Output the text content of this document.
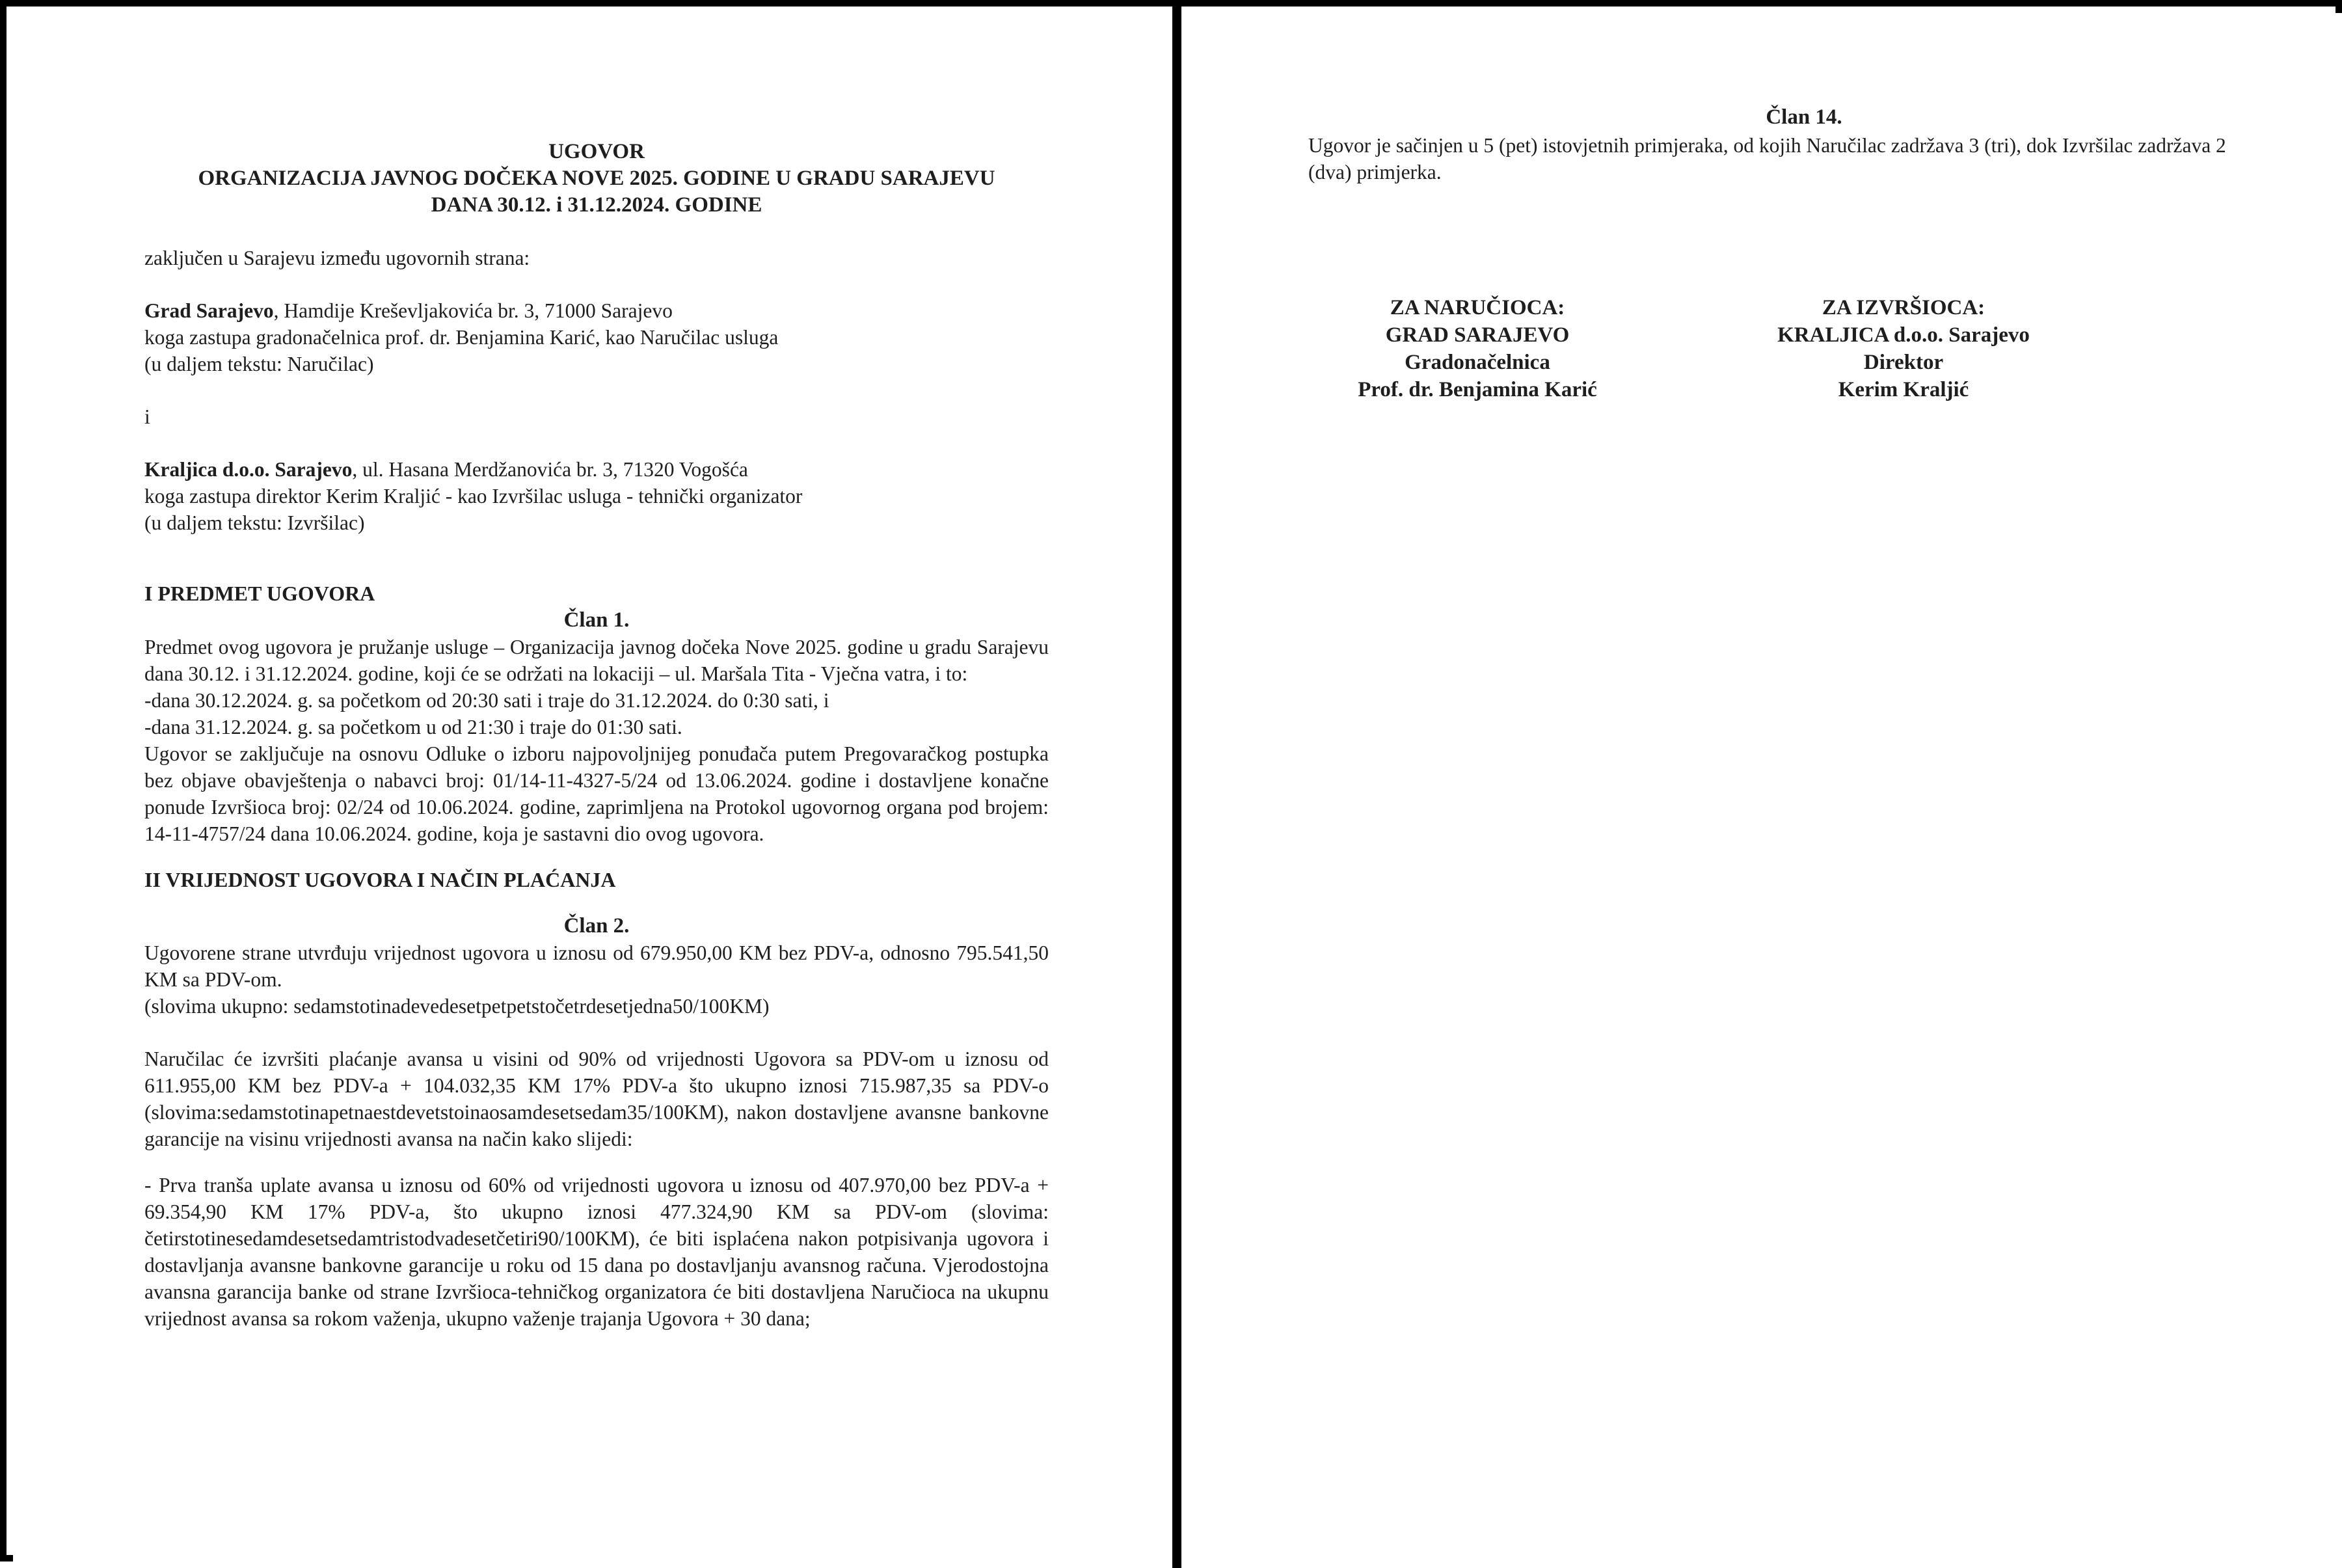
UGOVOR
ORGANIZACIJA JAVNOG DOČEKA NOVE 2025. GODINE U GRADU SARAJEVU
DANA 30.12. i 31.12.2024. GODINE

zaključen u Sarajevu između ugovornih strana:

Grad Sarajevo, Hamdije Kreševljakovića br. 3, 71000 Sarajevo

koga zastupa gradonačelnica prof. dr. Benjamina Karić, kao Naručilac usluga

(u daljem tekstu: Naručilac)

i

Kraljica d.o.o. Sarajevo, ul. Hasana Merdžanovića br. 3, 71320 Vogošća

koga zastupa direktor Kerim Kraljić - kao Izvršilac usluga - tehnički organizator

(u daljem tekstu: Izvršilac)

I PREDMET UGOVORA
Član 1.

Predmet ovog ugovora je pružanje usluge – Organizacija javnog dočeka Nove 2025. godine u gradu Sarajevu dana 30.12. i 31.12.2024. godine, koji će se održati na lokaciji – ul. Maršala Tita - Vječna vatra, i to:

-dana 30.12.2024. g. sa početkom od 20:30 sati i traje do 31.12.2024. do 0:30 sati, i

-dana 31.12.2024. g. sa početkom u od 21:30 i traje do 01:30 sati.

Ugovor se zaključuje na osnovu Odluke o izboru najpovoljnijeg ponuđača putem Pregovaračkog postupka bez objave obavještenja o nabavci broj: 01/14-11-4327-5/24 od 13.06.2024. godine i dostavljene konačne ponude Izvršioca broj: 02/24 od 10.06.2024. godine, zaprimljena na Protokol ugovornog organa pod brojem: 14-11-4757/24 dana 10.06.2024. godine, koja je sastavni dio ovog ugovora.

II VRIJEDNOST UGOVORA I NAČIN PLAĆANJA
Član 2.

Ugovorene strane utvrđuju vrijednost ugovora u iznosu od 679.950,00 KM bez PDV-a, odnosno 795.541,50 KM sa PDV-om.

(slovima ukupno: sedamstotinadevedesetpetpetstočetrdesetjedna50/100KM)

Naručilac će izvršiti plaćanje avansa u visini od 90% od vrijednosti Ugovora sa PDV-om u iznosu od 611.955,00 KM bez PDV-a + 104.032,35 KM 17% PDV-a što ukupno iznosi 715.987,35 sa PDV-o (slovima:sedamstotinapetnaestdevetstoinaosamdesetsedam35/100KM), nakon dostavljene avansne bankovne garancije na visinu vrijednosti avansa na način kako slijedi:

- Prva tranša uplate avansa u iznosu od 60% od vrijednosti ugovora u iznosu od 407.970,00 bez PDV-a + 69.354,90 KM 17% PDV-a, što ukupno iznosi 477.324,90 KM sa PDV-om (slovima: četirstotinesedamdesetsedamtristodvadesetčetiri90/100KM), će biti isplaćena nakon potpisivanja ugovora i dostavljanja avansne bankovne garancije u roku od 15 dana po dostavljanju avansnog računa. Vjerodostojna avansna garancija banke od strane Izvršioca-tehničkog organizatora će biti dostavljena Naručioca na ukupnu vrijednost avansa sa rokom važenja, ukupno važenje trajanja Ugovora + 30 dana;

Član 14.
Ugovor je sačinjen u 5 (pet) istovjetnih primjeraka, od kojih Naručilac zadržava 3 (tri), dok Izvršilac zadržava 2 (dva) primjerka.
ZA NARUČIOCA:
GRAD SARAJEVO
Gradonačelnica
Prof. dr. Benjamina Karić
ZA IZVRŠIOCA:
KRALJICA d.o.o. Sarajevo
Direktor
Kerim Kraljić
